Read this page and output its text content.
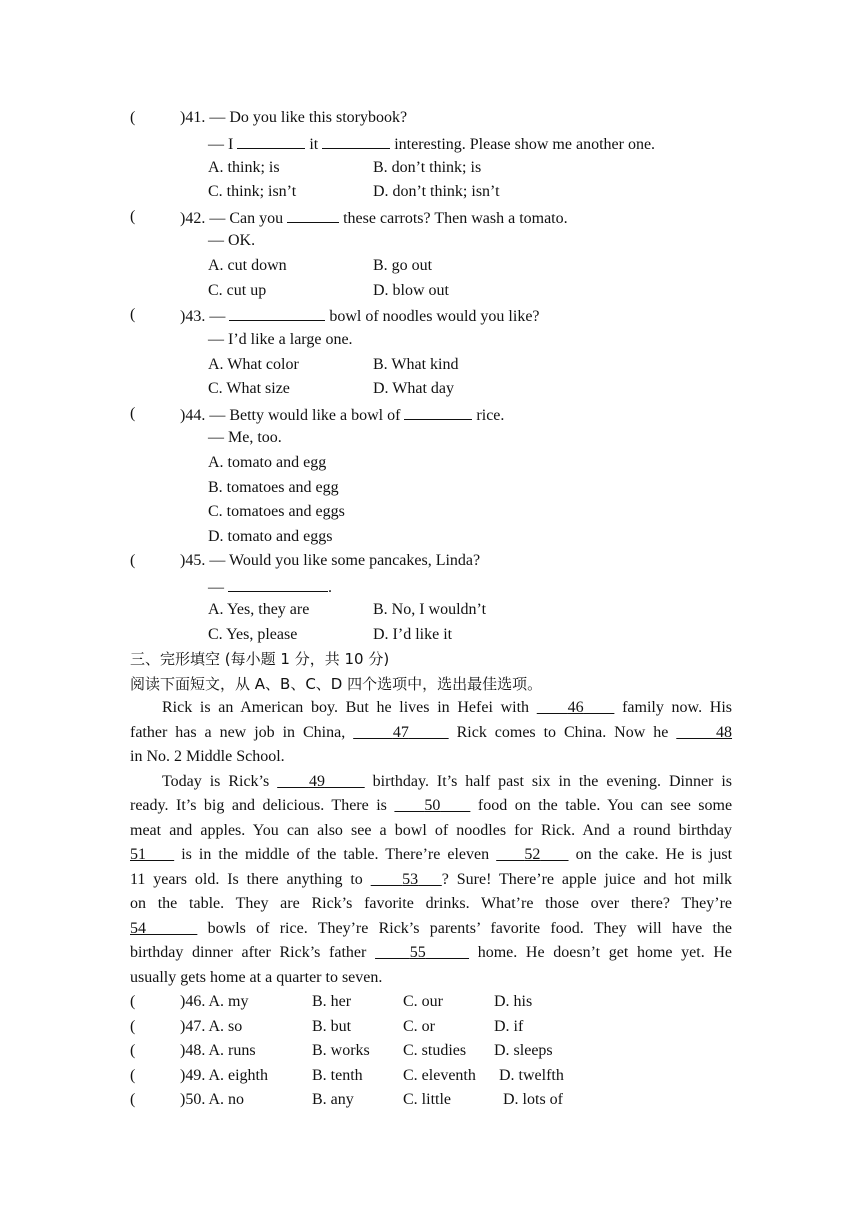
(	)41. — Do you like this storybook?
— I	it	interesting. Please show me another one.
A. think; is	B. don’t think; is
C. think; isn’t	D. don’t think; isn’t
(	)42. — Can you	these carrots? Then wash a tomato.
— OK.
A. cut down	B. go out
C. cut up	D. blow out
(	)43. —	bowl of noodles would you like?
— I’d like a large one.
A. What color	B. What kind
C. What size	D. What day
(	)44. — Betty would like a bowl of	rice.
— Me, too.
A. tomato and egg
B. tomatoes and egg
C. tomatoes and eggs
D. tomato and eggs
(	)45. — Would you like some pancakes, Linda?
—	.
A. Yes, they are	B. No, I wouldn’t
C. Yes, please	D. I’d like it
三、完形填空 (每小题 1 分，共 10 分)
阅读下面短文，从 A、B、C、D 四个选项中，选出最佳选项。
  Rick is an American boy. But he lives in Hefei with 46 family now. His
father has a new job in China,	47	Rick comes to China. Now he	48
in No. 2 Middle School.
  Today is Rick’s 49	birthday. It’s half past six in the evening. Dinner is
ready. It’s big and delicious. There is 50 food on the table. You can see some
meat and apples. You can also see a bowl of noodles for Rick. And a round birthday
51 is in the middle of the table. There’re eleven 52 on the cake. He is just
11 years old. Is there anything to 53 ? Sure! There’re apple juice and hot milk
on the table. They are Rick’s favorite drinks. What’re those over there? They’re
54	bowls of rice. They’re Rick’s parents’ favorite food. They will have the
birthday dinner after Rick’s father	55	home. He doesn’t get home yet. He
usually gets home at a quarter to seven.
(	)46. A. my	B. her	C. our	D. his
(	)47. A. so	B. but	C. or	D. if
(	)48. A. runs	B. works C. studies D. sleeps
(	)49. A. eighth	B. tenth	C. eleventh D. twelfth
(	)50. A. no	B. any	C. little	D. lots of
